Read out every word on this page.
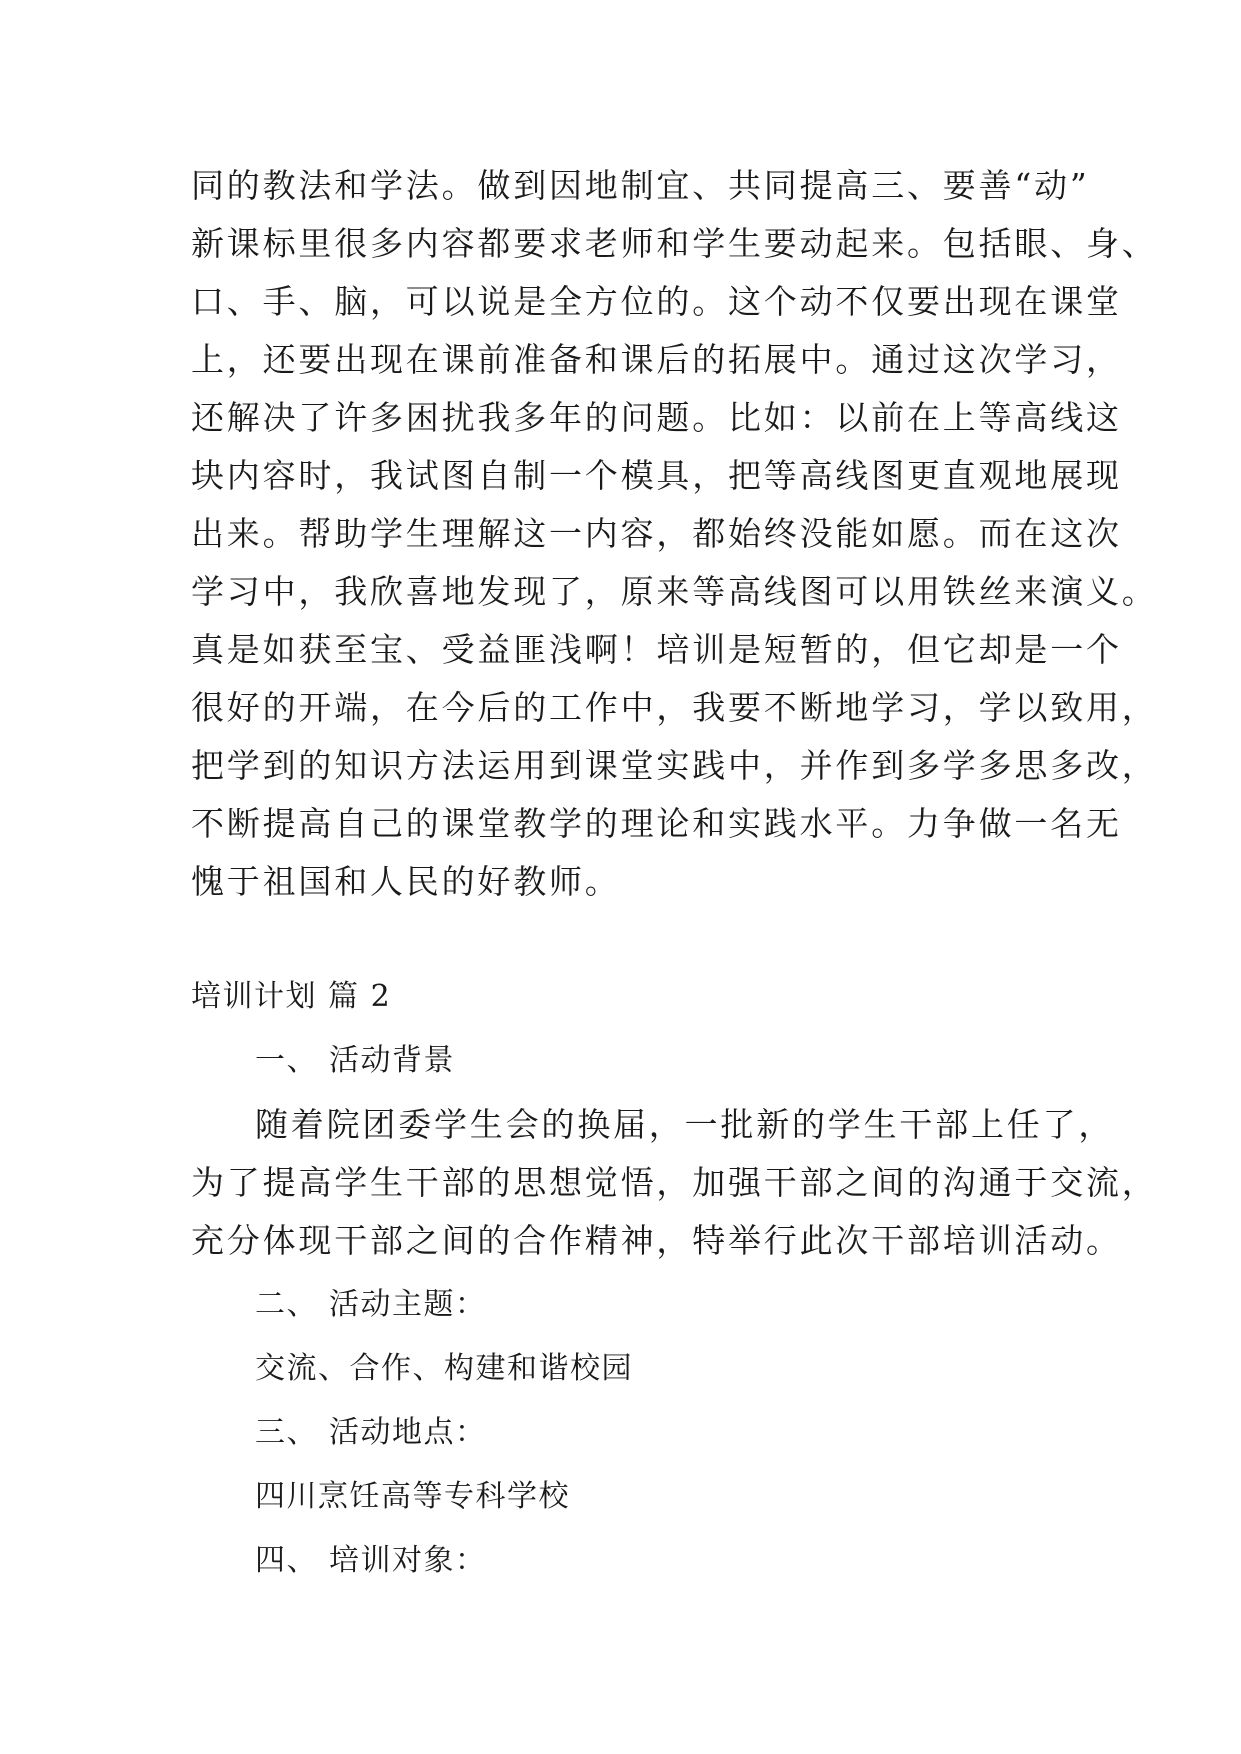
同的教法和学法。做到因地制宜、共同提高三、要善“动”
新课标里很多内容都要求老师和学生要动起来。包括眼、身、
口、手、脑，可以说是全方位的。这个动不仅要出现在课堂
上，还要出现在课前准备和课后的拓展中。通过这次学习，
还解决了许多困扰我多年的问题。比如：以前在上等高线这
块内容时，我试图自制一个模具，把等高线图更直观地展现
出来。帮助学生理解这一内容，都始终没能如愿。而在这次
学习中，我欣喜地发现了，原来等高线图可以用铁丝来演义。
真是如获至宝、受益匪浅啊！培训是短暂的，但它却是一个
很好的开端，在今后的工作中，我要不断地学习，学以致用，
把学到的知识方法运用到课堂实践中，并作到多学多思多改，
不断提高自己的课堂教学的理论和实践水平。力争做一名无
愧于祖国和人民的好教师。
培训计划 篇 2
一、 活动背景
随着院团委学生会的换届，一批新的学生干部上任了，
为了提高学生干部的思想觉悟，加强干部之间的沟通于交流，
充分体现干部之间的合作精神，特举行此次干部培训活动。
二、 活动主题：
交流、合作、构建和谐校园
三、 活动地点：
四川烹饪高等专科学校
四、 培训对象：
